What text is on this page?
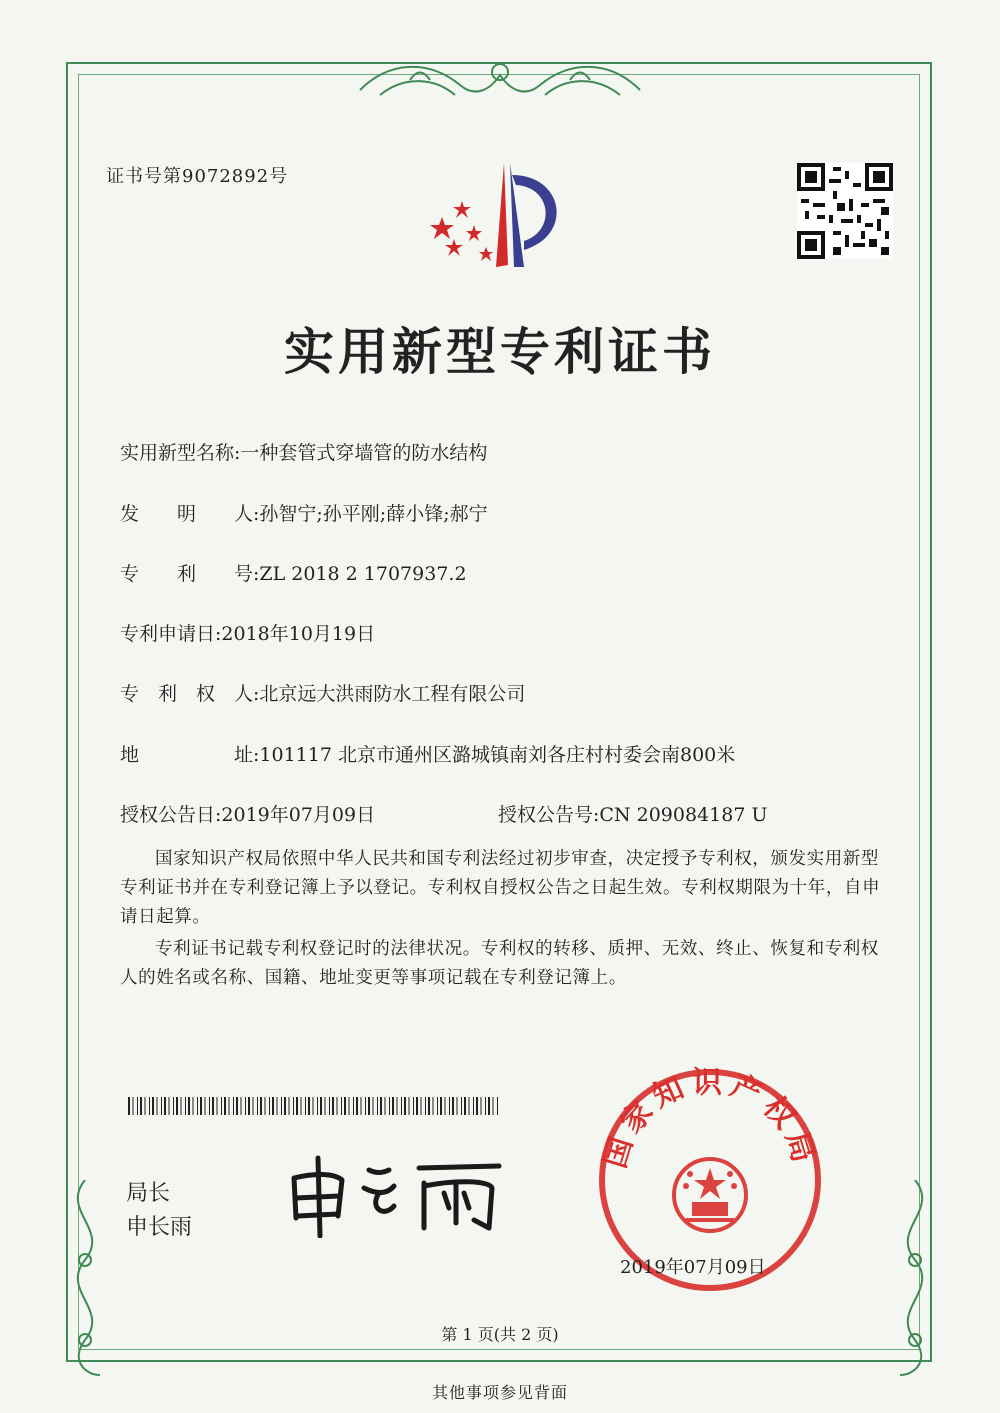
证书号第9072892号
实用新型专利证书
实用新型名称:一种套管式穿墙管的防水结构
发　　明　　人:孙智宁;孙平刚;薛小锋;郝宁
专　　利　　号:ZL 2018 2 1707937.2
专利申请日:2018年10月19日
专　利　权　人:北京远大洪雨防水工程有限公司
地　　　　　址:101117 北京市通州区潞城镇南刘各庄村村委会南800米
授权公告日:2019年07月09日	授权公告号:CN 209084187 U
国家知识产权局依照中华人民共和国专利法经过初步审查，决定授予专利权，颁发实用新型专利证书并在专利登记簿上予以登记。专利权自授权公告之日起生效。专利权期限为十年，自申请日起算。
专利证书记载专利权登记时的法律状况。专利权的转移、质押、无效、终止、恢复和专利权人的姓名或名称、国籍、地址变更等事项记载在专利登记簿上。
局长
申长雨
国家知识产权局
2019年07月09日
第 1 页(共 2 页)
其他事项参见背面
